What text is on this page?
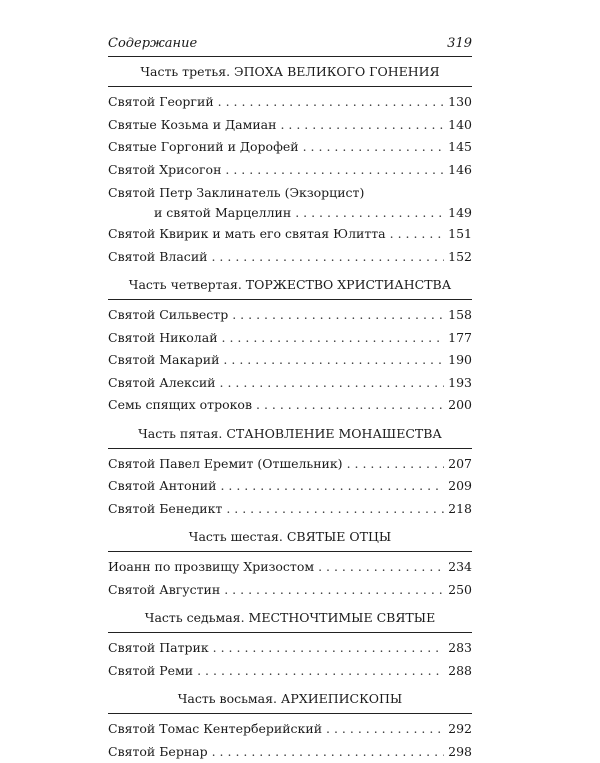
Содержание	319
Часть третья. ЭПОХА ВЕЛИКОГО ГОНЕНИЯ
Святой Георгий . . .	130
Святые Козьма и Дамиан . . .	140
Святые Горгоний и Дорофей . . .	145
Святой Хрисогон . . .	146
Святой Петр Заклинатель (Экзорцист)
и святой Марцеллин . . .	149
Святой Квирик и мать его святая Юлитта . . .	151
Святой Власий . . .	152
Часть четвертая. ТОРЖЕСТВО ХРИСТИАНСТВА
Святой Сильвестр . . .	158
Святой Николай . . .	177
Святой Макарий . . .	190
Святой Алексий . . .	193
Семь спящих отроков . . .	200
Часть пятая. СТАНОВЛЕНИЕ МОНАШЕСТВА
Святой Павел Еремит (Отшельник) . . .	207
Святой Антоний . . .	209
Святой Бенедикт . . .	218
Часть шестая. СВЯТЫЕ ОТЦЫ
Иоанн по прозвищу Хризостом . . .	234
Святой Августин . . .	250
Часть седьмая. МЕСТНОЧТИМЫЕ СВЯТЫЕ
Святой Патрик . . .	283
Святой Реми . . .	288
Часть восьмая. АРХИЕПИСКОПЫ
Святой Томас Кентерберийский . . .	292
Святой Бернар . . .	298
